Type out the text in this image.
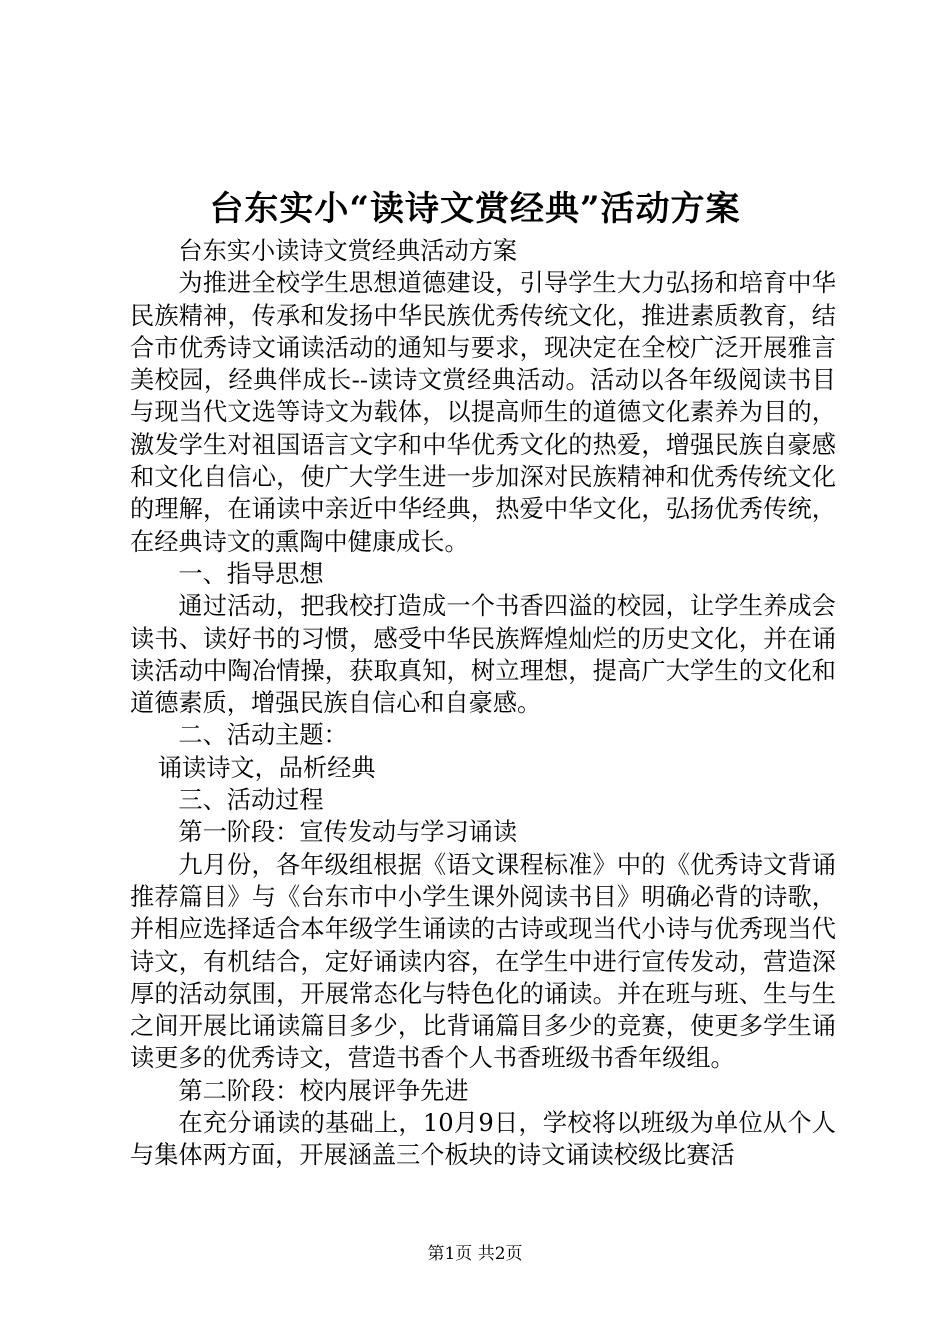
台东实小“读诗文赏经典”活动方案

台东实小读诗文赏经典活动方案

为推进全校学生思想道德建设，引导学生大力弘扬和培育中华民族精神，传承和发扬中华民族优秀传统文化，推进素质教育，结合市优秀诗文诵读活动的通知与要求，现决定在全校广泛开展雅言美校园，经典伴成长--读诗文赏经典活动。活动以各年级阅读书目与现当代文选等诗文为载体，以提高师生的道德文化素养为目的，激发学生对祖国语言文字和中华优秀文化的热爱，增强民族自豪感和文化自信心，使广大学生进一步加深对民族精神和优秀传统文化的理解，在诵读中亲近中华经典，热爱中华文化，弘扬优秀传统，在经典诗文的熏陶中健康成长。

一、指导思想

通过活动，把我校打造成一个书香四溢的校园，让学生养成会读书、读好书的习惯，感受中华民族辉煌灿烂的历史文化，并在诵读活动中陶冶情操，获取真知，树立理想，提高广大学生的文化和道德素质，增强民族自信心和自豪感。

二、活动主题：

诵读诗文，品析经典

三、活动过程

第一阶段：宣传发动与学习诵读

九月份，各年级组根据《语文课程标准》中的《优秀诗文背诵推荐篇目》与《台东市中小学生课外阅读书目》明确必背的诗歌，并相应选择适合本年级学生诵读的古诗或现当代小诗与优秀现当代诗文，有机结合，定好诵读内容，在学生中进行宣传发动，营造深厚的活动氛围，开展常态化与特色化的诵读。并在班与班、生与生之间开展比诵读篇目多少，比背诵篇目多少的竞赛，使更多学生诵读更多的优秀诗文，营造书香个人书香班级书香年级组。

第二阶段：校内展评争先进

在充分诵读的基础上，10月9日，学校将以班级为单位从个人与集体两方面，开展涵盖三个板块的诗文诵读校级比赛活

第1页 共2页
